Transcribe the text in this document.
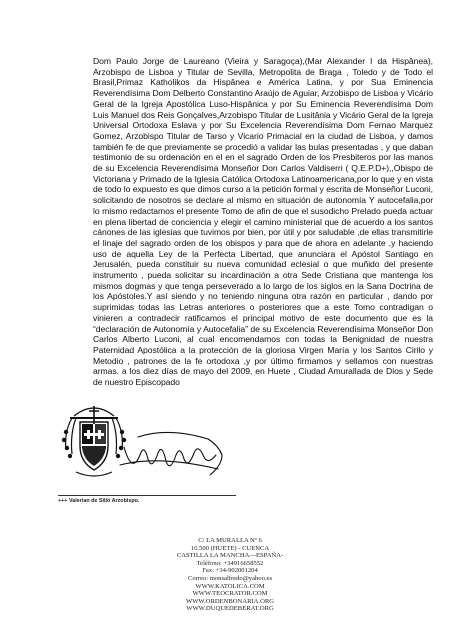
Dom Paulo Jorge de Laureano (Vieira y Saragoça),(Mar Alexander I da Hispânea), Arzobispo de Lisboa y Titular de Sevilla, Metropolita de Braga , Toledo y de Todo el Brasil,Primaz Katholikos da Hispânea e América Latina, y por Sua Eminencia Reverendísima Dom Delberto Constantino Araújo de Aguiar, Arzobispo de Lisboa y Vicário Geral de la Igreja Apostólica Luso-Hispânica y por Su Eminencia Reverendísima Dom Luis Manuel dos Reis Gonçalves,Arzobispo Titular de Lusitânia y Vicário Geral de la Igreja Universal Ortodoxa Eslava y por Su Excelencia Reverendísima Dom Fernao Marquez Gomez, Arzobispo Titular de Tarso y Vicario Primacial en la ciudad de Lisboa, y damos también fe de que previamente se procedió a validar las bulas presentadas , y que daban testimonio de su ordenación en el en el sagrado Orden de los Presbiteros por las manos de su Excelencia Reverendísima Monseñor Don Carlos Valdiserri ( Q.E.P.D+),,Obispo de Victoriana y Primado de la Iglesia Católica Ortodoxa Latinoamericana,por lo que y en vista de todo lo expuesto es que dimos curso a la petición formal y escrita de Monseñor Luconi, solicitando de nosotros se declare al mismo en situación de autonomía Y autocefalia,por lo mismo redactamos el presente Tomo de afin de que el susodicho Prelado pueda actuar en plena libertad de conciencia y elegir el camino ministerial que de acuerdo a los santos cánones de las iglesias que tuvimos por bien, por útil y por saludable ,de ellas transmitirle el linaje del sagrado orden de los obispos y para que de ahora en adelante ,y haciendo uso de aquella Ley de la Perfecta Libertad, que anunciara el Apóstol Santiago en Jerusalén, pueda constituir su nueva comunidad eclesial o que muñido del presente instrumento , pueda solicitar su incardinación a otra Sede Cristiana que mantenga los mismos dogmas y que tenga perseverado a lo largo de los siglos en la Sana Doctrina de los Apóstoles.Y así siendo y no teniendo ninguna otra razón en particular , dando por suprimidas todas las Letras anteriores o posteriores que a este Tomo contradigan o vinieren a contradecir ratificamos el principal motivo de este documento que es la “declaración de Autonomía y Autocefalia” de su Excelencia Reverendísima Monseñor Don Carlos Alberto Luconi, al cual encomendamos con todas la Benignidad de nuestra Paternidad Apostólica a la protección de la gloriosa Virgen María y los Santos Cirilo y Metodio , patrones de la fe ortodoxa ,y por último firmamos y sellamos con nuestras armas. a los diez días de mayo del 2009, en Huete , Ciudad Amurallada de Dios y Sede de nuestro Episcopado

+++ Valerian de Siliö Arzobispo.
C/ LA MURALLA Nº 6
16.500 (HUETE) - CUENCA
CASTILLA LA MANCHA—ESPAÑA-
Teléfono: +34916658552
Fax: +34-902001204
Correo: monsalfredo@yahoo.es
WWW.KATOLICA.COM
WWW.TEOCRATOR.COM
WWW.ORDENBONARIA.ORG
WWW.DUQUEDEBERAT.ORG
